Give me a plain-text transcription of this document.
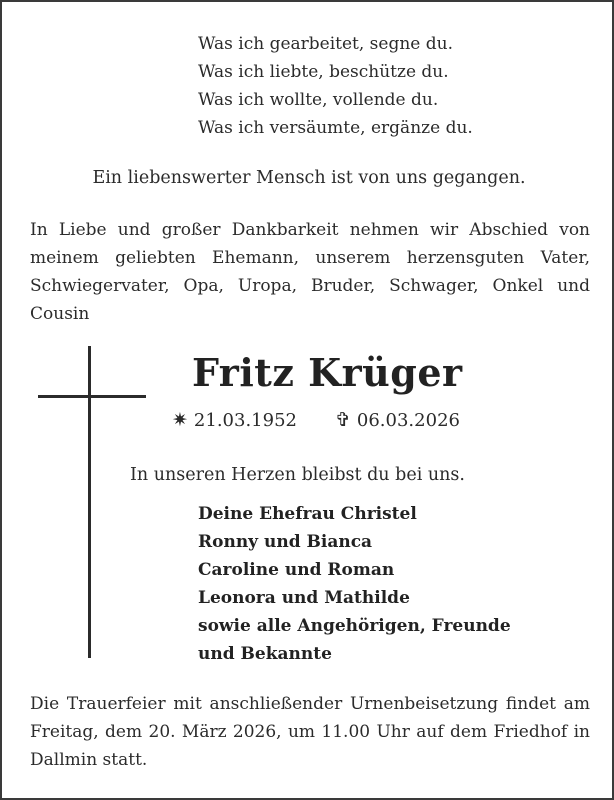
Was ich gearbeitet, segne du.
Was ich liebte, beschütze du.
Was ich wollte, vollende du.
Was ich versäumte, ergänze du.
Ein liebenswerter Mensch ist von uns gegangen.
In Liebe und großer Dankbarkeit nehmen wir Abschied von meinem geliebten Ehemann, unserem herzensguten Vater, Schwiegervater, Opa, Uropa, Bruder, Schwager, Onkel und Cousin
Fritz Krüger
✷ 21.03.1952 ✞ 06.03.2026
In unseren Herzen bleibst du bei uns.
Deine Ehefrau Christel
Ronny und Bianca
Caroline und Roman
Leonora und Mathilde
sowie alle Angehörigen, Freunde
und Bekannte
Die Trauerfeier mit anschließender Urnenbeisetzung findet am Freitag, dem 20. März 2026, um 11.00 Uhr auf dem Friedhof in Dallmin statt.
